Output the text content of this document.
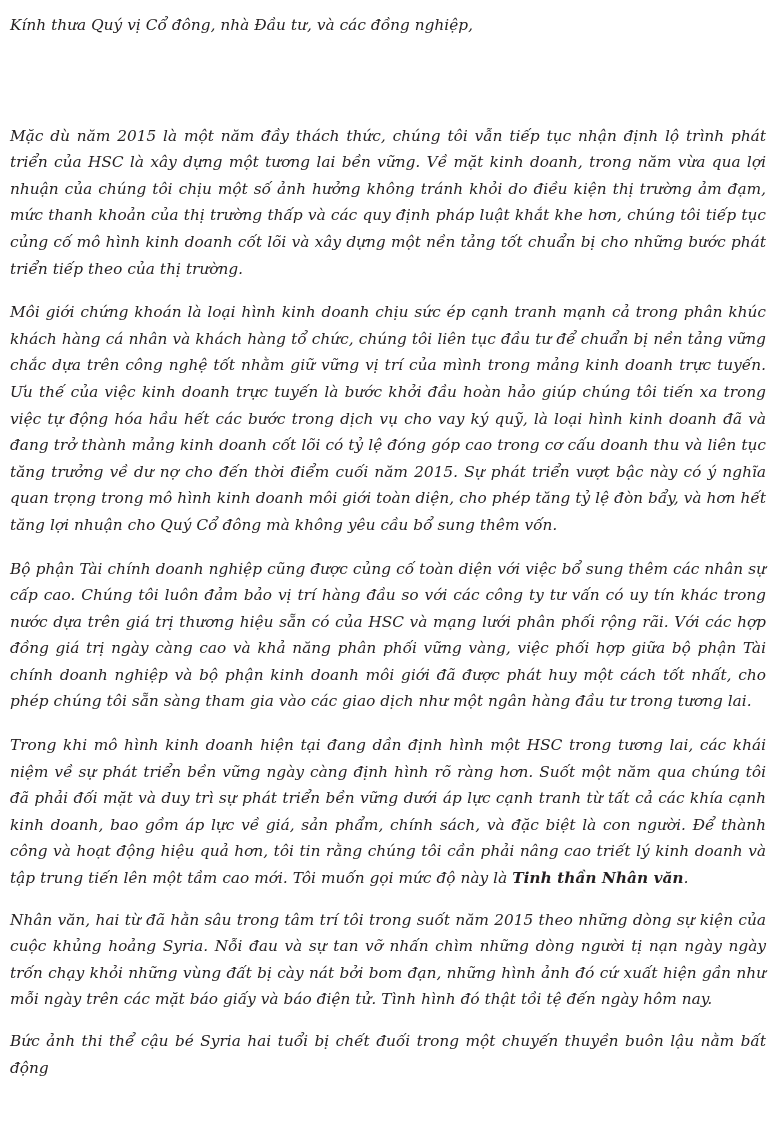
Kính thưa Quý vị Cổ đông, nhà Đầu tư, và các đồng nghiệp,

Mặc dù năm 2015 là một năm đầy thách thức, chúng tôi vẫn tiếp tục nhận định lộ trình phát triển của HSC là xây dựng một tương lai bền vững. Về mặt kinh doanh, trong năm vừa qua lợi nhuận của chúng tôi chịu một số ảnh hưởng không tránh khỏi do điều kiện thị trường ảm đạm, mức thanh khoản của thị trường thấp và các quy định pháp luật khắt khe hơn, chúng tôi tiếp tục củng cố mô hình kinh doanh cốt lõi và xây dựng một nền tảng tốt chuẩn bị cho những bước phát triển tiếp theo của thị trường.

Môi giới chứng khoán là loại hình kinh doanh chịu sức ép cạnh tranh mạnh cả trong phân khúc khách hàng cá nhân và khách hàng tổ chức, chúng tôi liên tục đầu tư để chuẩn bị nền tảng vững chắc dựa trên công nghệ tốt nhằm giữ vững vị trí của mình trong mảng kinh doanh trực tuyến. Ưu thế của việc kinh doanh trực tuyến là bước khởi đầu hoàn hảo giúp chúng tôi tiến xa trong việc tự động hóa hầu hết các bước trong dịch vụ cho vay ký quỹ, là loại hình kinh doanh đã và đang trở thành mảng kinh doanh cốt lõi có tỷ lệ đóng góp cao trong cơ cấu doanh thu và liên tục tăng trưởng về dư nợ cho đến thời điểm cuối năm 2015. Sự phát triển vượt bậc này có ý nghĩa quan trọng trong mô hình kinh doanh môi giới toàn diện, cho phép tăng tỷ lệ đòn bẩy, và hơn hết tăng lợi nhuận cho Quý Cổ đông mà không yêu cầu bổ sung thêm vốn.

Bộ phận Tài chính doanh nghiệp cũng được củng cố toàn diện với việc bổ sung thêm các nhân sự cấp cao. Chúng tôi luôn đảm bảo vị trí hàng đầu so với các công ty tư vấn có uy tín khác trong nước dựa trên giá trị thương hiệu sẵn có của HSC và mạng lưới phân phối rộng rãi. Với các hợp đồng giá trị ngày càng cao và khả năng phân phối vững vàng, việc phối hợp giữa bộ phận Tài chính doanh nghiệp và bộ phận kinh doanh môi giới đã được phát huy một cách tốt nhất, cho phép chúng tôi sẵn sàng tham gia vào các giao dịch như một ngân hàng đầu tư trong tương lai.

Trong khi mô hình kinh doanh hiện tại đang dần định hình một HSC trong tương lai, các khái niệm về sự phát triển bền vững ngày càng định hình rõ ràng hơn. Suốt một năm qua chúng tôi đã phải đối mặt và duy trì sự phát triển bền vững dưới áp lực cạnh tranh từ tất cả các khía cạnh kinh doanh, bao gồm áp lực về giá, sản phẩm, chính sách, và đặc biệt là con người. Để thành công và hoạt động hiệu quả hơn, tôi tin rằng chúng tôi cần phải nâng cao triết lý kinh doanh và tập trung tiến lên một tầm cao mới. Tôi muốn gọi mức độ này là Tinh thần Nhân văn.

Nhân văn, hai từ đã hằn sâu trong tâm trí tôi trong suốt năm 2015 theo những dòng sự kiện của cuộc khủng hoảng Syria. Nỗi đau và sự tan vỡ nhấn chìm những dòng người tị nạn ngày ngày trốn chạy khỏi những vùng đất bị cày nát bởi bom đạn, những hình ảnh đó cứ xuất hiện gần như mỗi ngày trên các mặt báo giấy và báo điện tử. Tình hình đó thật tồi tệ đến ngày hôm nay.

Bức ảnh thi thể cậu bé Syria hai tuổi bị chết đuối trong một chuyến thuyền buôn lậu nằm bất động
